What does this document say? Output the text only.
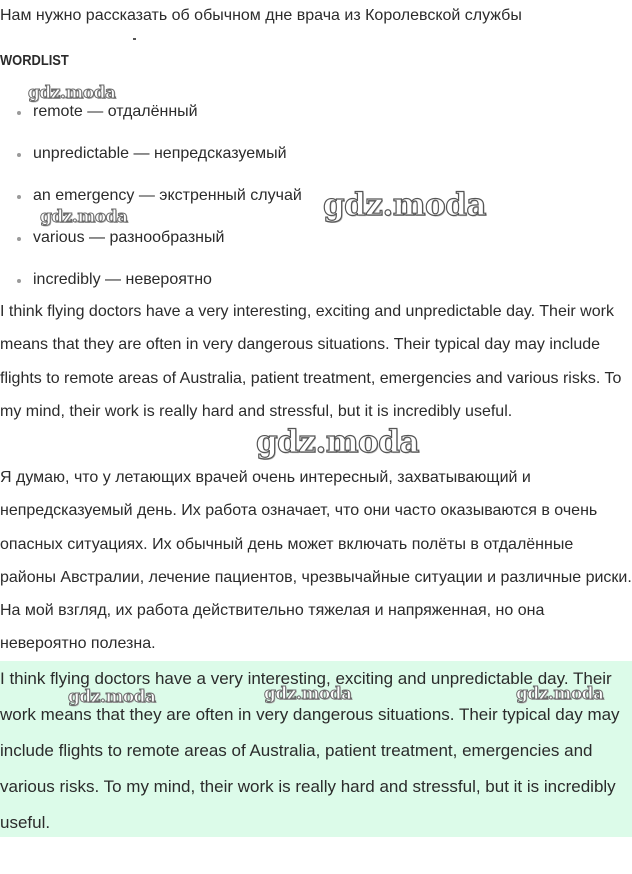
Нам нужно рассказать об обычном дне врача из Королевской службы
WORDLIST
remote — отдалённый
unpredictable — непредсказуемый
an emergency — экстренный случай
various — разнообразный
incredibly — невероятно

I think flying doctors have a very interesting, exciting and unpredictable day. Their work means that they are often in very dangerous situations. Their typical day may include flights to remote areas of Australia, patient treatment, emergencies and various risks. To my mind, their work is really hard and stressful, but it is incredibly useful.

Я думаю, что у летающих врачей очень интересный, захватывающий и непредсказуемый день. Их работа означает, что они часто оказываются в очень опасных ситуациях. Их обычный день может включать полёты в отдалённые районы Австралии, лечение пациентов, чрезвычайные ситуации и различные риски. На мой взгляд, их работа действительно тяжелая и напряженная, но она невероятно полезна.

I think flying doctors have a very interesting, exciting and unpredictable day. Their work means that they are often in very dangerous situations. Their typical day may include flights to remote areas of Australia, patient treatment, emergencies and various risks. To my mind, their work is really hard and stressful, but it is incredibly useful.

gdz.moda
gdz.moda	gdz.moda
gdz.moda
gdz.moda	gdz.moda	gdz.moda
